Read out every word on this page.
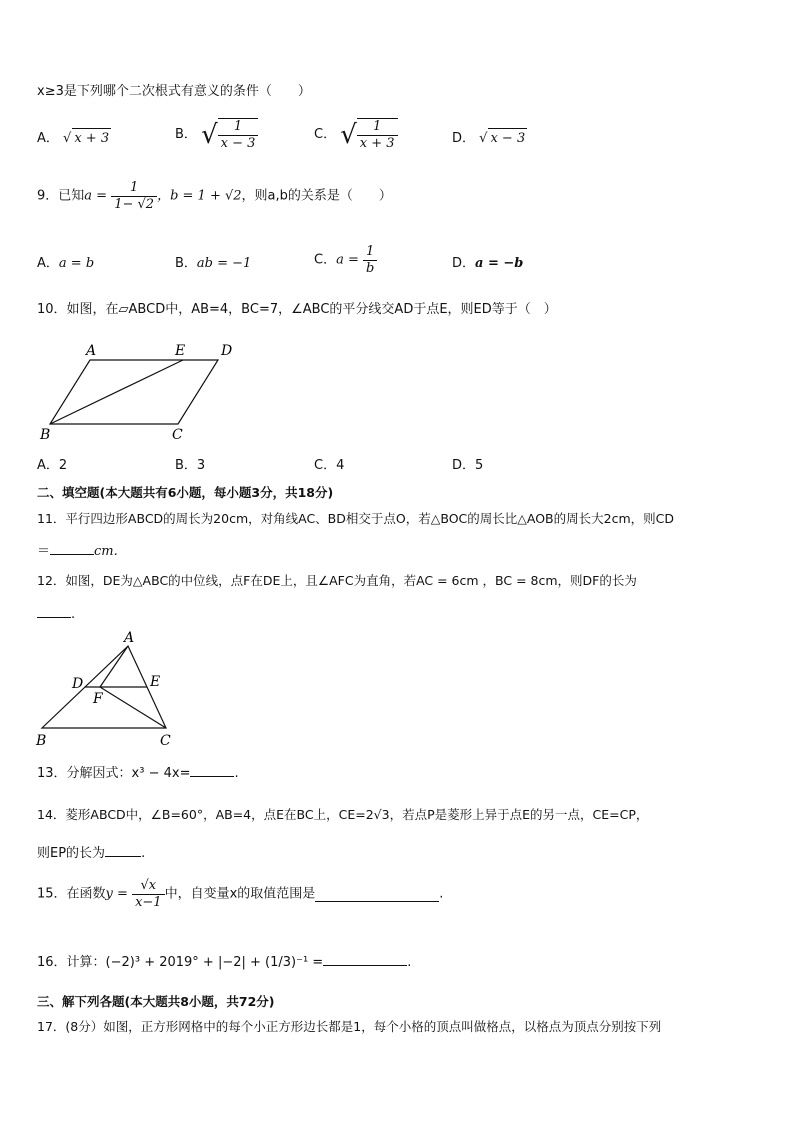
x≥3是下列哪个二次根式有意义的条件（　　）
A． √ x + 3	B． √ $\frac{1}{x - 3}$	C． √ $\frac{1}{x + 3}$	D． √ x − 3
9．已知$a = \frac{1}{1- √2}$ ，b = 1 + √2，则a,b的关系是（　　）
A．a = b	B．ab = −1	C．$a = \frac{1}{b}$	D．a = −b
10．如图，在▱ABCD中，AB=4，BC=7，∠ABC的平分线交AD于点E，则ED等于（　）
A	E	D
B	C
A．2	B．3	C．4	D．5
二、填空题(本大题共有6小题，每小题3分，共18分)
11．平行四边形ABCD的周长为20cm，对角线AC、BD相交于点O，若△BOC的周长比△AOB的周长大2cm，则CD
＝	cm.
12．如图，DE为△ABC的中位线，点F在DE上，且∠AFC为直角，若AC = 6cm ，BC = 8cm，则DF的长为
.
A
D	E
F
B	C
13．分解因式：x³ − 4x=	.
14．菱形ABCD中，∠B=60°，AB=4，点E在BC上，CE=2√3，若点P是菱形上异于点E的另一点，CE=CP，
则EP的长为	.
15．在函数$y = \frac{√x}{x-1}$ 中，自变量x的取值范围是	.
16．计算：(−2)³ + 2019° + |−2| + (1/3)⁻¹ =	.
三、解下列各题(本大题共8小题，共72分)
17．(8分）如图，正方形网格中的每个小正方形边长都是1，每个小格的顶点叫做格点，以格点为顶点分别按下列
